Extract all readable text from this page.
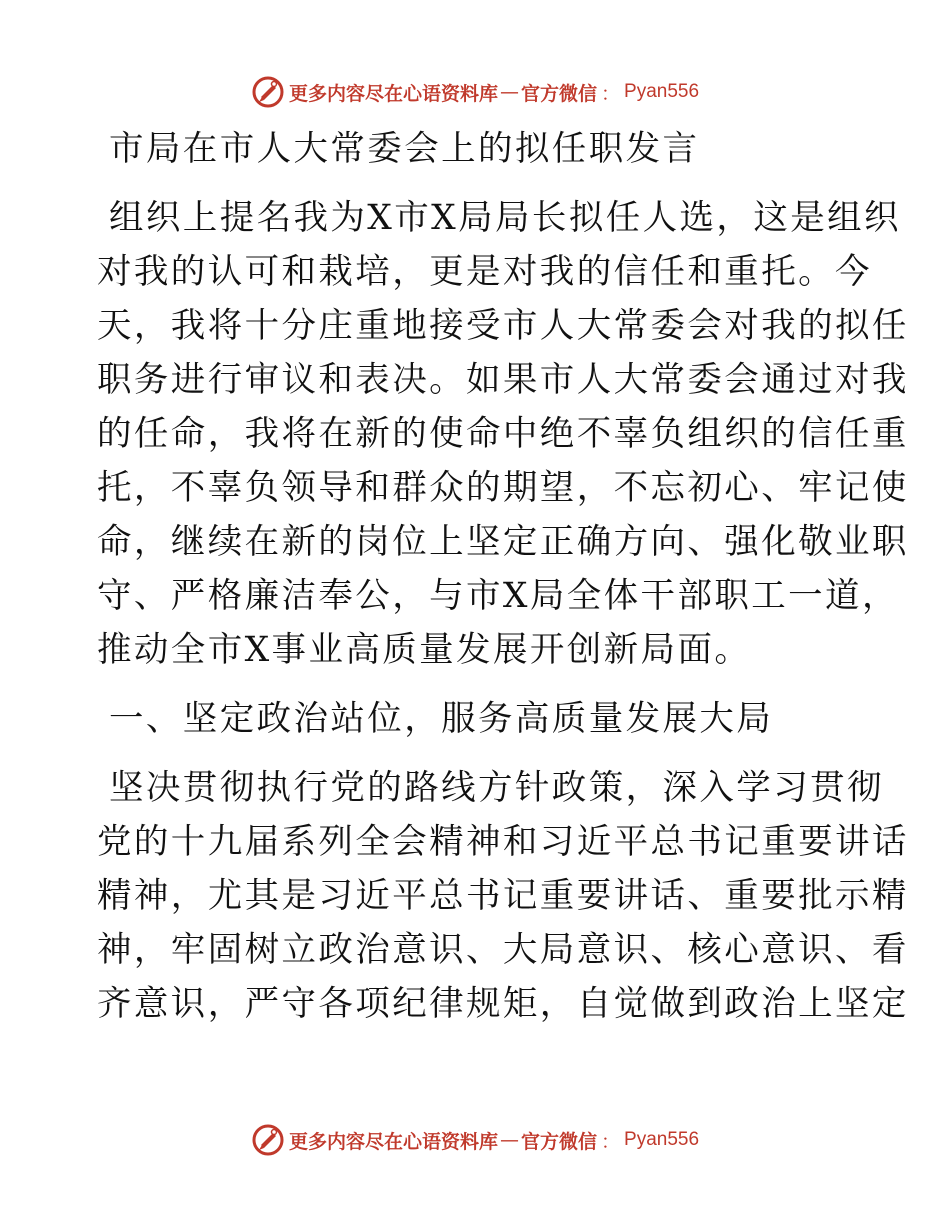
更多内容尽在心语资料库 — 官方微信 ： Pyan556
市局在市人大常委会上的拟任职发言
组织上提名我为X市X局局长拟任人选，这是组织
对我的认可和栽培，更是对我的信任和重托。今
天，我将十分庄重地接受市人大常委会对我的拟任
职务进行审议和表决。如果市人大常委会通过对我
的任命，我将在新的使命中绝不辜负组织的信任重
托，不辜负领导和群众的期望，不忘初心、牢记使
命，继续在新的岗位上坚定正确方向、强化敬业职
守、严格廉洁奉公，与市X局全体干部职工一道，
推动全市X事业高质量发展开创新局面。
一、坚定政治站位，服务高质量发展大局
坚决贯彻执行党的路线方针政策，深入学习贯彻
党的十九届系列全会精神和习近平总书记重要讲话
精神，尤其是习近平总书记重要讲话、重要批示精
神，牢固树立政治意识、大局意识、核心意识、看
齐意识，严守各项纪律规矩，自觉做到政治上坚定
更多内容尽在心语资料库 — 官方微信 ： Pyan556
